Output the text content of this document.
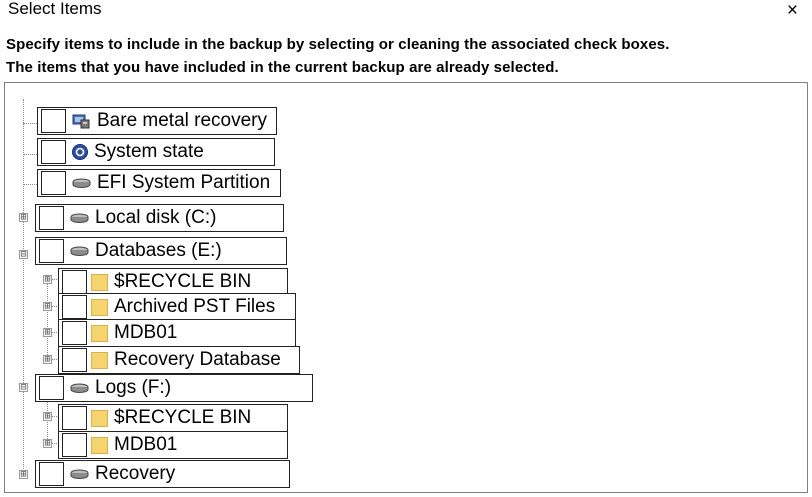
Select Items	×
Specify items to include in the backup by selecting or cleaning the associated check boxes.
The items that you have included in the current backup are already selected.
⊞
⊟
⊞
⊞
⊞
⊞
⊟
⊞
⊞
⊞
Bare metal recovery
System state
EFI System Partition
Local disk (C:)
Databases (E:)
$RECYCLE BIN
Archived PST Files
MDB01
Recovery Database
Logs (F:)
$RECYCLE BIN
MDB01
Recovery
